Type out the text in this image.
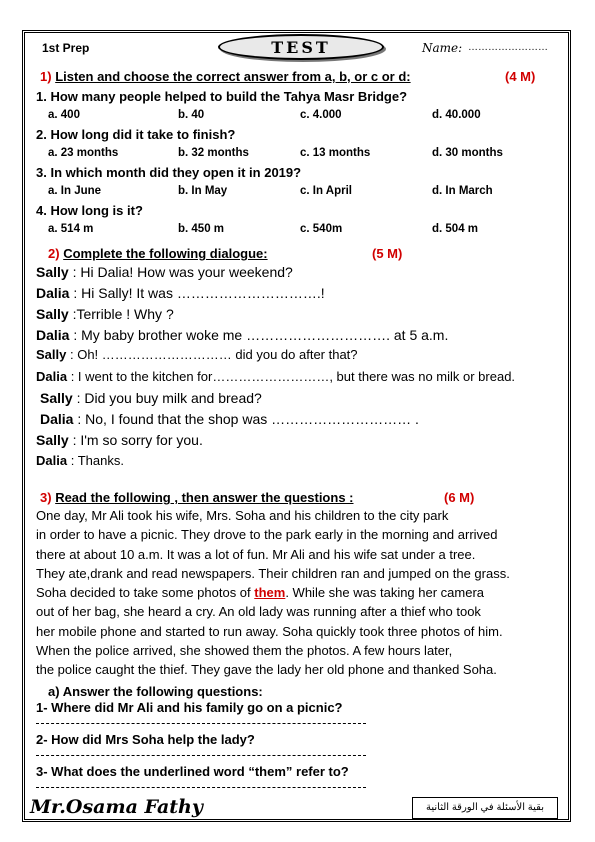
1st Prep	TEST	Name: ……………………
1) Listen and choose the correct answer from a, b, or c or d:	(4 M)
1. How many people helped to build the Tahya Masr Bridge?
a. 400	b. 40	c. 4.000	d. 40.000
2. How long did it take to finish?
a. 23 months	b. 32 months	c. 13 months	d. 30 months
3. In which month did they open it in 2019?
a. In June	b. In May	c. In April	d. In March
4. How long is it?
a. 514 m	b. 450 m	c. 540m	d. 504 m
2) Complete the following dialogue:	(5 M)
Sally : Hi Dalia! How was your weekend?
Dalia : Hi Sally! It was ………………………….!
Sally :Terrible ! Why ?
Dalia : My baby brother woke me …………………………. at 5 a.m.
Sally : Oh! ………………………… did you do after that?
Dalia : I went to the kitchen for………………………, but there was no milk or bread.
Sally : Did you buy milk and bread?
Dalia : No, I found that the shop was ………………………… .
Sally : I'm so sorry for you.
Dalia : Thanks.
3) Read the following , then answer the questions :	(6 M)
One day, Mr Ali took his wife, Mrs. Soha and his children to the city park
in order to have a picnic. They drove to the park early in the morning and arrived
there at about 10 a.m. It was a lot of fun. Mr Ali and his wife sat under a tree.
They ate,drank and read newspapers. Their children ran and jumped on the grass.
Soha decided to take some photos of them. While she was taking her camera
out of her bag, she heard a cry. An old lady was running after a thief who took
her mobile phone and started to run away. Soha quickly took three photos of him.
When the police arrived, she showed them the photos. A few hours later,
the police caught the thief. They gave the lady her old phone and thanked Soha.
a) Answer the following questions:
1- Where did Mr Ali and his family go on a picnic?
2- How did Mrs Soha help the lady?
3- What does the underlined word “them” refer to?
Mr.Osama Fathy	بقية الأسئلة في الورقة الثانية
